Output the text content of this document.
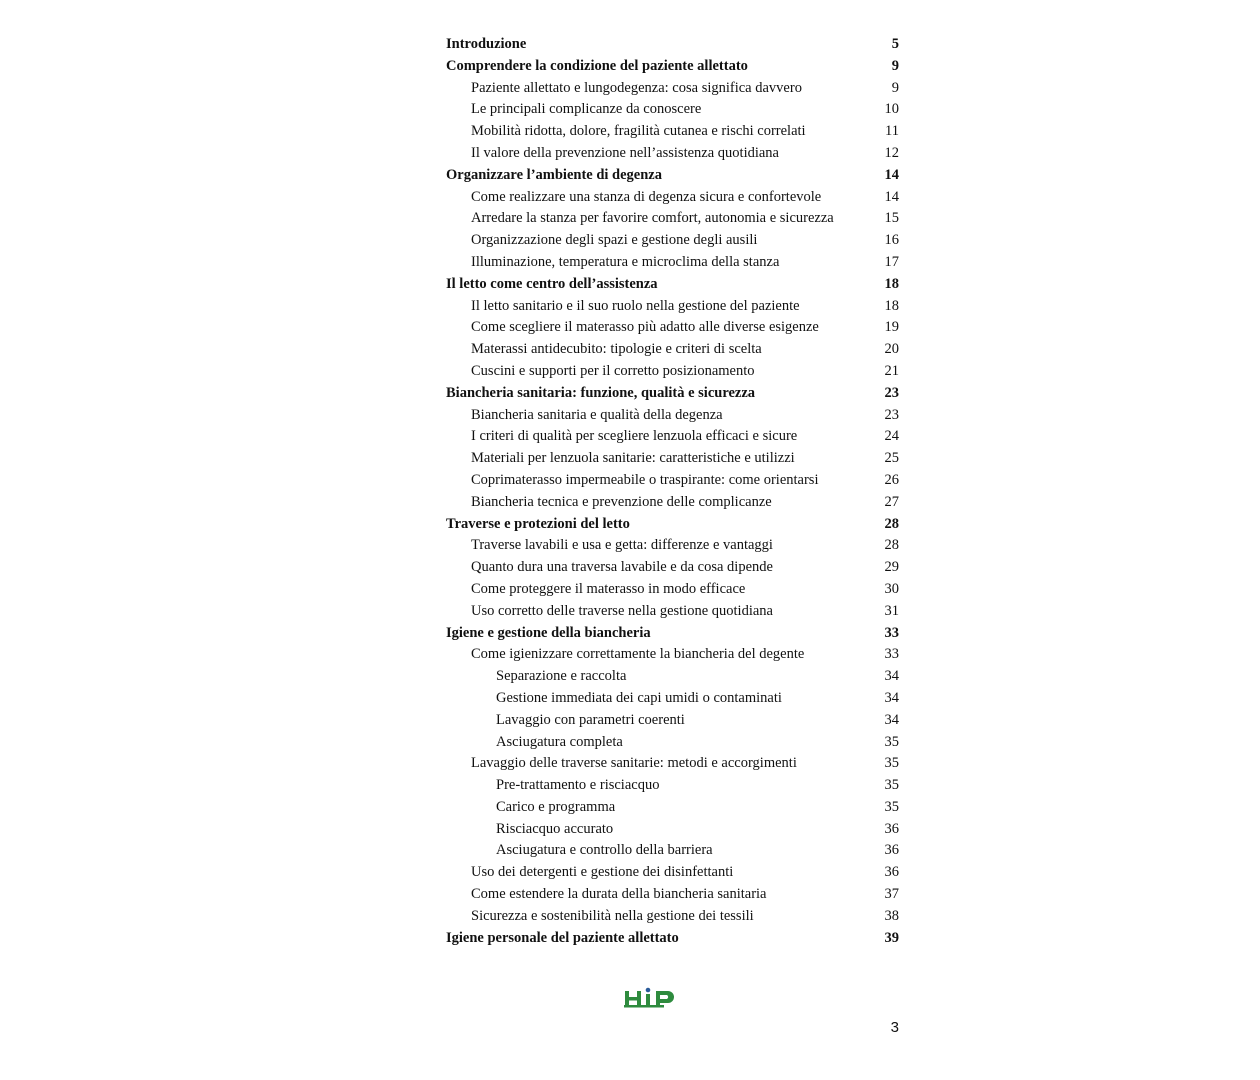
Introduzione	5
Comprendere la condizione del paziente allettato	9
Paziente allettato e lungodegenza: cosa significa davvero	9
Le principali complicanze da conoscere	10
Mobilità ridotta, dolore, fragilità cutanea e rischi correlati	11
Il valore della prevenzione nell’assistenza quotidiana	12
Organizzare l’ambiente di degenza	14
Come realizzare una stanza di degenza sicura e confortevole	14
Arredare la stanza per favorire comfort, autonomia e sicurezza	15
Organizzazione degli spazi e gestione degli ausili	16
Illuminazione, temperatura e microclima della stanza	17
Il letto come centro dell’assistenza	18
Il letto sanitario e il suo ruolo nella gestione del paziente	18
Come scegliere il materasso più adatto alle diverse esigenze	19
Materassi antidecubito: tipologie e criteri di scelta	20
Cuscini e supporti per il corretto posizionamento	21
Biancheria sanitaria: funzione, qualità e sicurezza	23
Biancheria sanitaria e qualità della degenza	23
I criteri di qualità per scegliere lenzuola efficaci e sicure	24
Materiali per lenzuola sanitarie: caratteristiche e utilizzi	25
Coprimaterasso impermeabile o traspirante: come orientarsi	26
Biancheria tecnica e prevenzione delle complicanze	27
Traverse e protezioni del letto	28
Traverse lavabili e usa e getta: differenze e vantaggi	28
Quanto dura una traversa lavabile e da cosa dipende	29
Come proteggere il materasso in modo efficace	30
Uso corretto delle traverse nella gestione quotidiana	31
Igiene e gestione della biancheria	33
Come igienizzare correttamente la biancheria del degente	33
Separazione e raccolta	34
Gestione immediata dei capi umidi o contaminati	34
Lavaggio con parametri coerenti	34
Asciugatura completa	35
Lavaggio delle traverse sanitarie: metodi e accorgimenti	35
Pre-trattamento e risciacquo	35
Carico e programma	35
Risciacquo accurato	36
Asciugatura e controllo della barriera	36
Uso dei detergenti e gestione dei disinfettanti	36
Come estendere la durata della biancheria sanitaria	37
Sicurezza e sostenibilità nella gestione dei tessili	38
Igiene personale del paziente allettato	39
3
